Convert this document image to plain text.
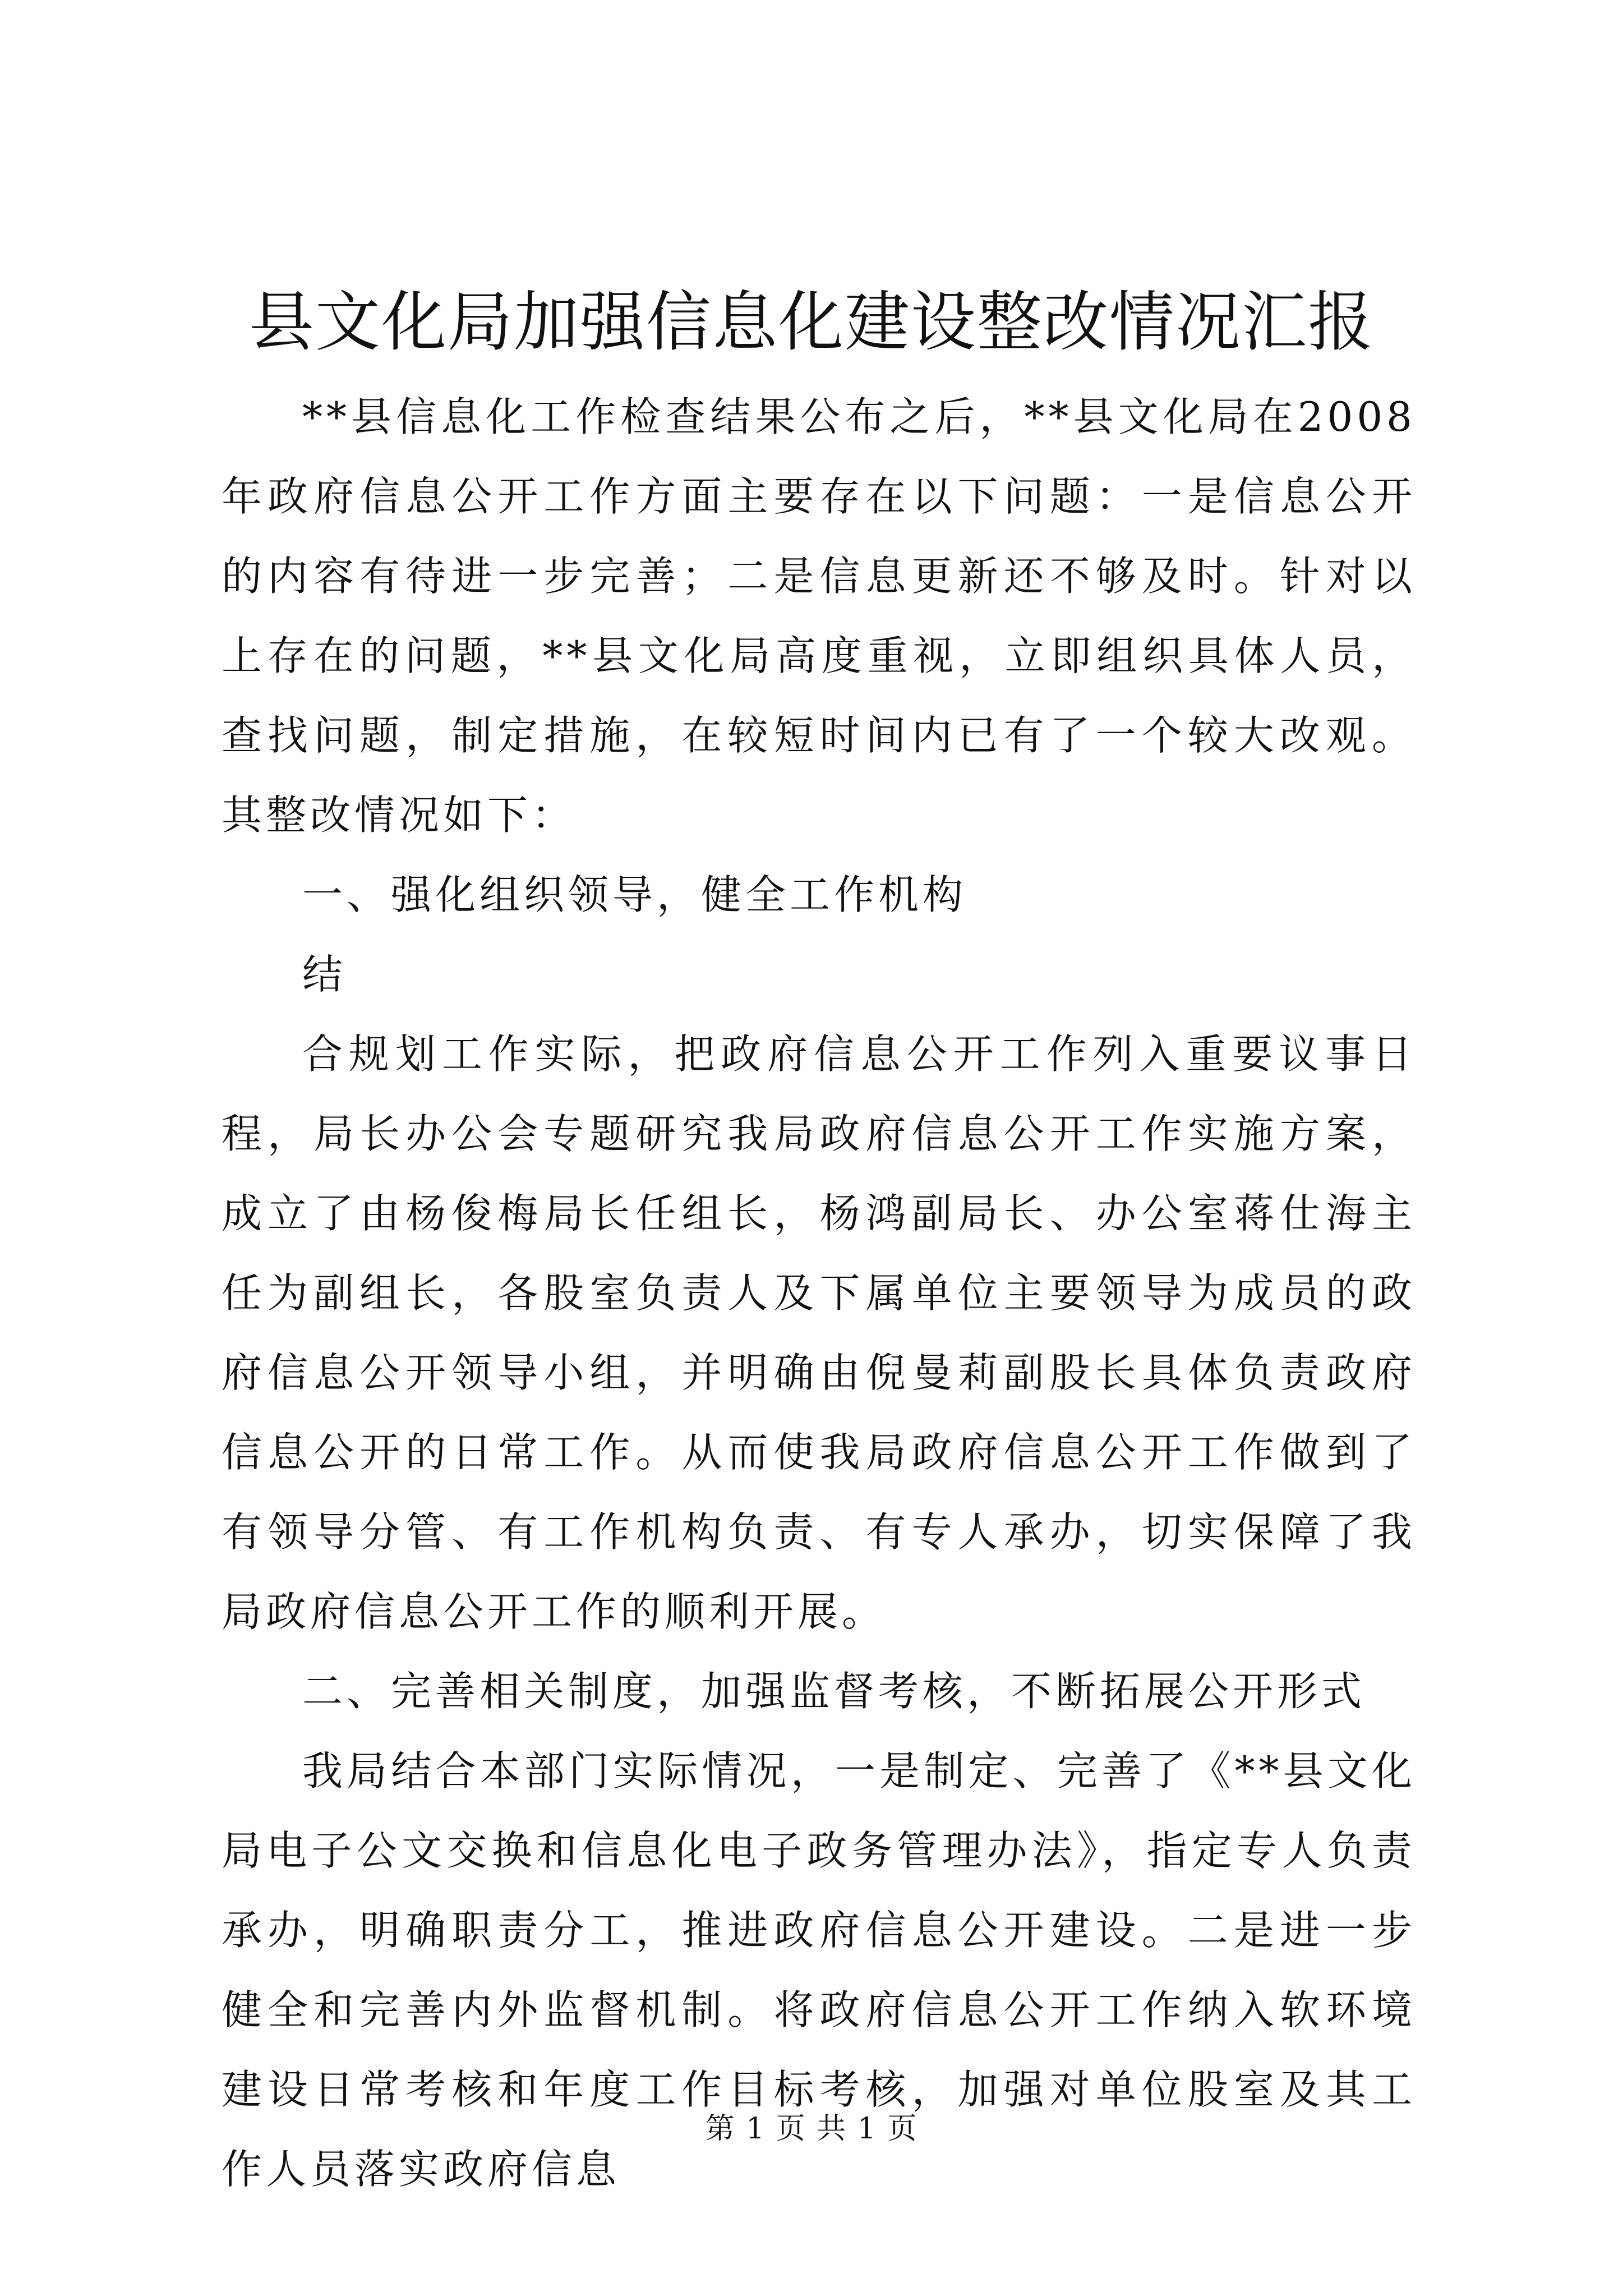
县文化局加强信息化建设整改情况汇报

**县信息化工作检查结果公布之后，**县文化局在2008年政府信息公开工作方面主要存在以下问题：一是信息公开的内容有待进一步完善；二是信息更新还不够及时。针对以上存在的问题，**县文化局高度重视，立即组织具体人员，查找问题，制定措施，在较短时间内已有了一个较大改观。其整改情况如下：

一、强化组织领导，健全工作机构

结

合规划工作实际，把政府信息公开工作列入重要议事日程，局长办公会专题研究我局政府信息公开工作实施方案，成立了由杨俊梅局长任组长，杨鸿副局长、办公室蒋仕海主任为副组长，各股室负责人及下属单位主要领导为成员的政府信息公开领导小组，并明确由倪曼莉副股长具体负责政府信息公开的日常工作。从而使我局政府信息公开工作做到了有领导分管、有工作机构负责、有专人承办，切实保障了我局政府信息公开工作的顺利开展。

二、完善相关制度，加强监督考核，不断拓展公开形式

我局结合本部门实际情况，一是制定、完善了《**县文化局电子公文交换和信息化电子政务管理办法》，指定专人负责承办，明确职责分工，推进政府信息公开建设。二是进一步健全和完善内外监督机制。将政府信息公开工作纳入软环境建设日常考核和年度工作目标考核，加强对单位股室及其工作人员落实政府信息

第 1 页 共 1 页
